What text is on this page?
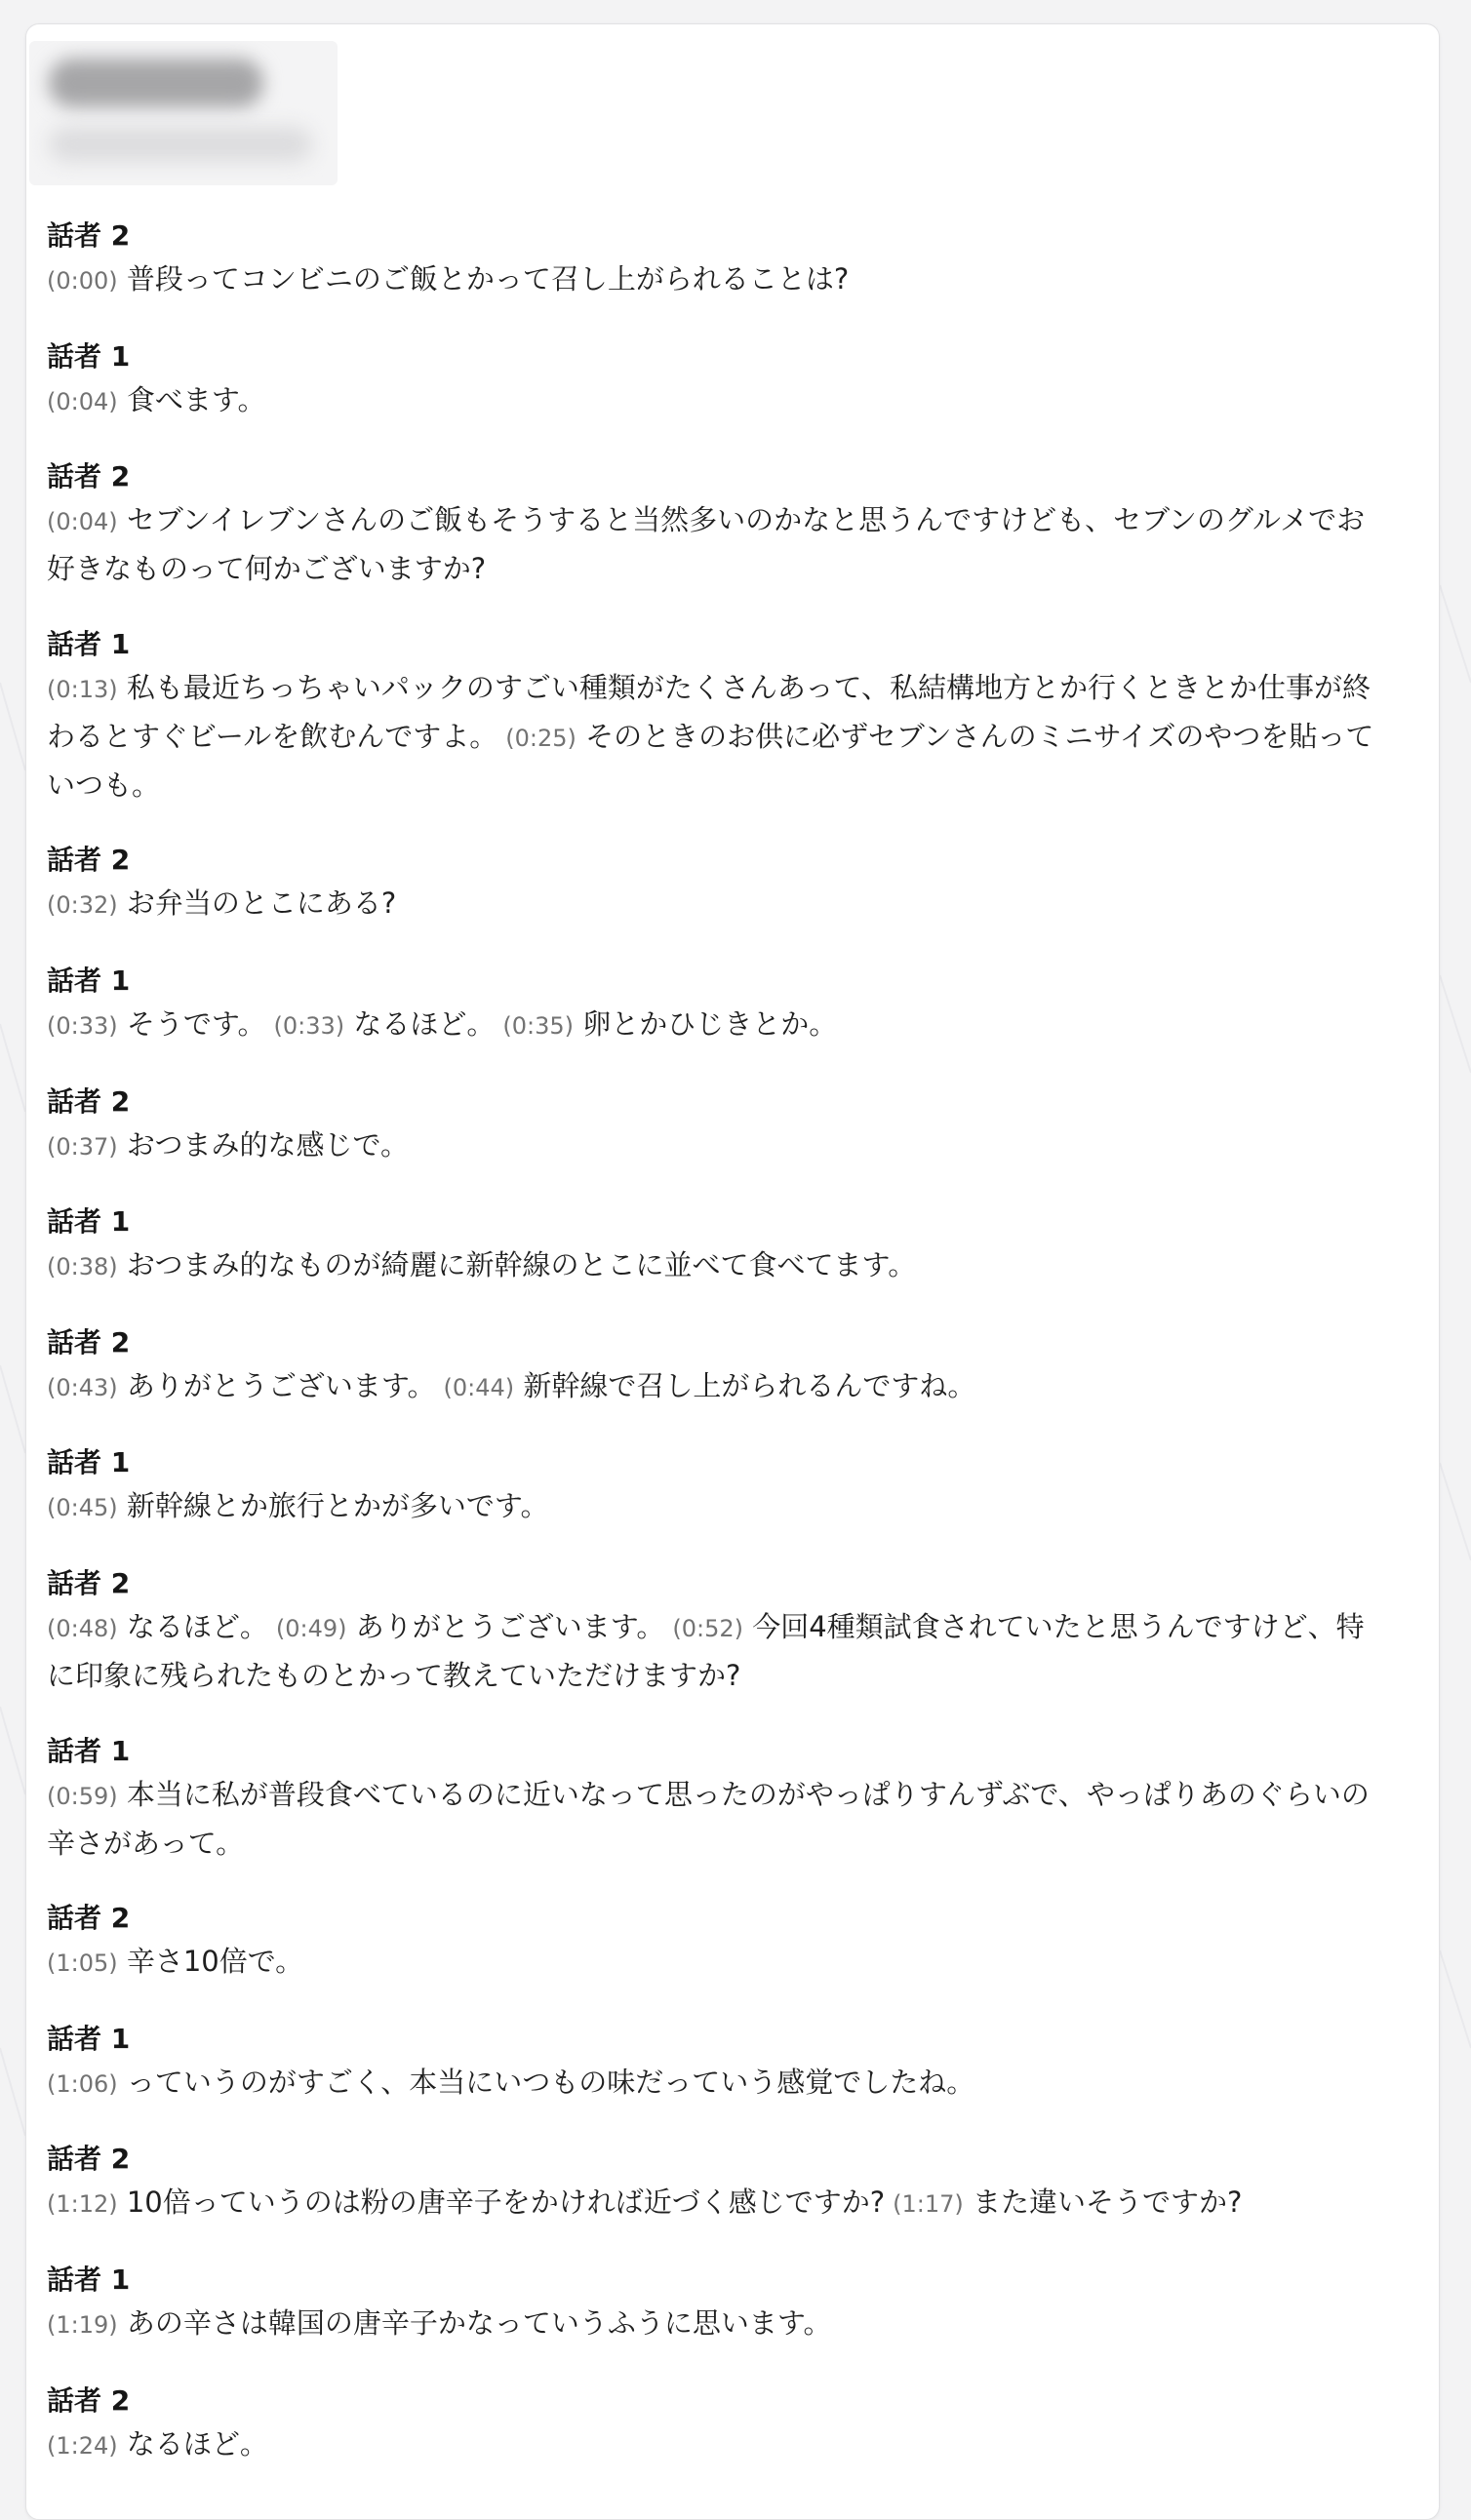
話者 2
(0:00) 普段ってコンビニのご飯とかって召し上がられることは?
話者 1
(0:04) 食べます。
話者 2
(0:04) セブンイレブンさんのご飯もそうすると当然多いのかなと思うんですけども、セブンのグルメでお好きなものって何かございますか?
話者 1
(0:13) 私も最近ちっちゃいパックのすごい種類がたくさんあって、私結構地方とか行くときとか仕事が終わるとすぐビールを飲むんですよ。 (0:25) そのときのお供に必ずセブンさんのミニサイズのやつを貼っていつも。
話者 2
(0:32) お弁当のとこにある?
話者 1
(0:33) そうです。 (0:33) なるほど。 (0:35) 卵とかひじきとか。
話者 2
(0:37) おつまみ的な感じで。
話者 1
(0:38) おつまみ的なものが綺麗に新幹線のとこに並べて食べてます。
話者 2
(0:43) ありがとうございます。 (0:44) 新幹線で召し上がられるんですね。
話者 1
(0:45) 新幹線とか旅行とかが多いです。
話者 2
(0:48) なるほど。 (0:49) ありがとうございます。 (0:52) 今回4種類試食されていたと思うんですけど、特に印象に残られたものとかって教えていただけますか?
話者 1
(0:59) 本当に私が普段食べているのに近いなって思ったのがやっぱりすんずぶで、やっぱりあのぐらいの辛さがあって。
話者 2
(1:05) 辛さ10倍で。
話者 1
(1:06) っていうのがすごく、本当にいつもの味だっていう感覚でしたね。
話者 2
(1:12) 10倍っていうのは粉の唐辛子をかければ近づく感じですか? (1:17) また違いそうですか?
話者 1
(1:19) あの辛さは韓国の唐辛子かなっていうふうに思います。
話者 2
(1:24) なるほど。
